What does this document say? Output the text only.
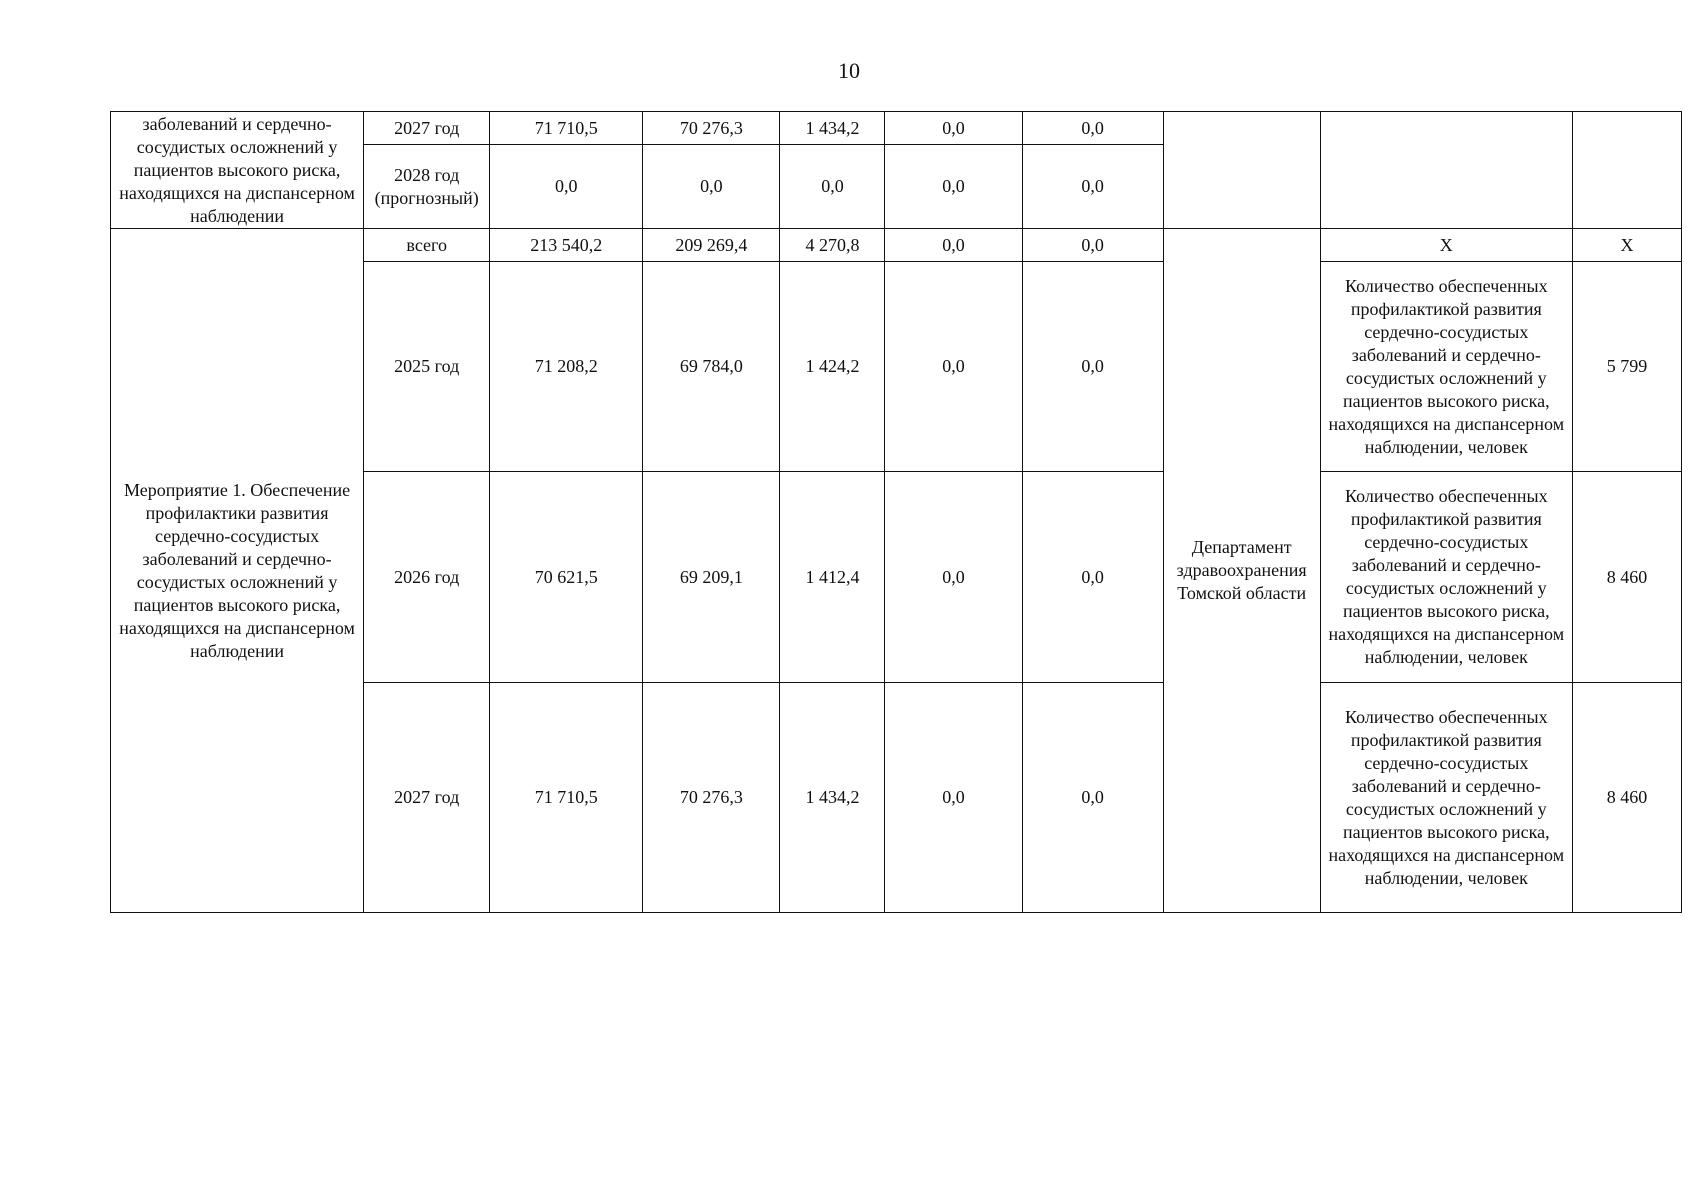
10
заболеваний и сердечно-сосудистых осложнений у пациентов высокого риска, находящихся на диспансерном наблюдении	2027 год	71 710,5	70 276,3	1 434,2	0,0	0,0			
	2028 год (прогнозный)	0,0	0,0	0,0	0,0	0,0			
Мероприятие 1. Обеспечение профилактики развития сердечно-сосудистых заболеваний и сердечно-сосудистых осложнений у пациентов высокого риска, находящихся на диспансерном наблюдении	всего	213 540,2	209 269,4	4 270,8	0,0	0,0	Департамент здравоохранения Томской области	Х	Х
	2025 год	71 208,2	69 784,0	1 424,2	0,0	0,0		Количество обеспеченных профилактикой развития сердечно-сосудистых заболеваний и сердечно-сосудистых осложнений у пациентов высокого риска, находящихся на диспансерном наблюдении, человек	5 799
	2026 год	70 621,5	69 209,1	1 412,4	0,0	0,0		Количество обеспеченных профилактикой развития сердечно-сосудистых заболеваний и сердечно-сосудистых осложнений у пациентов высокого риска, находящихся на диспансерном наблюдении, человек	8 460
	2027 год	71 710,5	70 276,3	1 434,2	0,0	0,0		Количество обеспеченных профилактикой развития сердечно-сосудистых заболеваний и сердечно-сосудистых осложнений у пациентов высокого риска, находящихся на диспансерном наблюдении, человек	8 460
